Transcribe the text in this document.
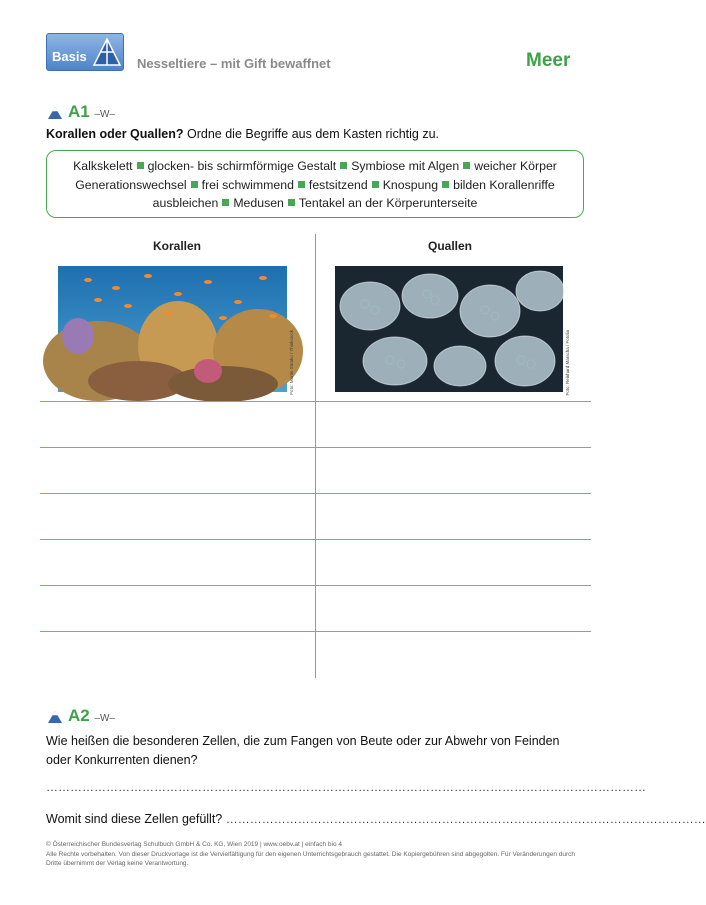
Basis	Nesseltiere – mit Gift bewaffnet	Meer
A1 –W–
Korallen oder Quallen? Ordne die Begriffe aus dem Kasten richtig zu.
Kalkskelett glocken- bis schirmförmige Gestalt Symbiose mit Algen weicher Körper
Generationswechsel frei schwimmend festsitzend Knospung bilden Korallenriffe
ausbleichen Medusen Tentakel an der Körperunterseite
Korallen	Quallen
Foto: Martin Strmko / Thinkstock	Foto: Reinhard Marscha / Fotolia
A2 –W–
Wie heißen die besonderen Zellen, die zum Fangen von Beute oder zur Abwehr von Feinden oder Konkurrenten dienen?
……………………………………………………………………………………………………………………………………
Womit sind diese Zellen gefüllt? …………………………………………………………………………………………………………
© Österreichischer Bundesverlag Schulbuch GmbH & Co. KG, Wien 2019 | www.oebv.at | einfach bio 4
Alle Rechte vorbehalten. Von dieser Druckvorlage ist die Vervielfältigung für den eigenen Unterrichtsgebrauch gestattet. Die Kopiergebühren sind abgegolten. Für Veränderungen durch
Dritte übernimmt der Verlag keine Verantwortung.
